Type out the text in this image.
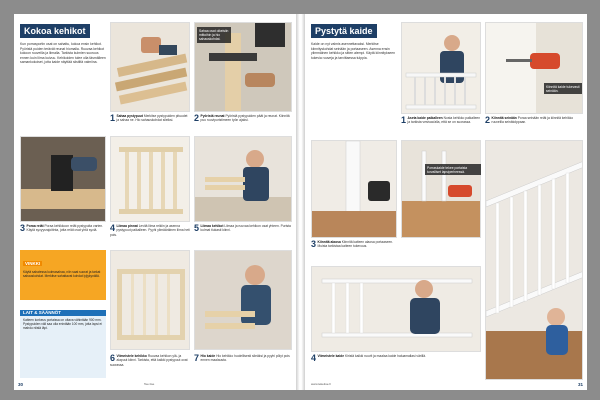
Kokoa kehikot
Kun porrasportin osat on sahattu, kokoa ensin kehikot. Pyöristä puiden terävät reunat hiomalla. Ruuvaa kehikot kokoon ruuveilla ja liimalla. Tarkista kulmien suoruus ennen kuin liima kuivuu. Kehikoiden tulee olla täsmälleen samankokoiset, jotta kaide näyttää siistiltä valmiina.
Sahaa osat oikeisiin mittoihin ja hio sahauskohdat.
1 Sahaa pystypuut Merkitse pystypuiden pituudet ja sahaa ne. Hio sahauskohdat sileiksi.	2 Pyöristä reunat Pyöristä pystypuiden päät ja reunat. Kiinnitä puu ruuvipuristimeen työn ajaksi.
3 Poraa reiät Poraa kehikkoon reiät pystypuita varten. Käytä syvyysrajoitinta, jotta reiät ovat yhtä syviä.	4 Liimaa pinnat Levitä liima reikiin ja asenna pystypuut paikalleen. Pyyhi ylimääräinen liima heti pois.
5 Liimaa kehikot Liimaa ja ruuvaa kehikon osat yhteen. Purista kulmat tiukasti kiinni.
VINKKI
Käytä sahatessa kulmasahaa, niin saat suorat ja tarkat sahauskohdat. Merkitse sahattavat kohdat lyijykynällä.
LAIT & SÄÄNNÖT
Kaiteen korkeus portaissa on oltava vähintään 900 mm. Pystypuiden väli saa olla enintään 100 mm, jotta lapsi ei mahdu niistä läpi.
6 Viimeistele kehikko Ruuvaa kehikon ylä- ja alapuut kiinni. Tarkista, että kaikki pystypuut ovat suorassa.
7 Hio kaide Hio kehikko huolellisesti sileäksi ja pyyhi pölyt pois ennen maalausta.
30	Tee itse
Pystytä kaide
Kaide on nyt valmis asennettavaksi. Merkitse kiinnityskohdat seinään ja portaaseen. Asenna ensin ylimmäinen kehikko ja sitten alempi. Käytä kiinnitykseen tukevia ruuveja ja tarvittaessa tulppia.
Kiinnitä kaide tukevasti seinään.
1 Aseta kaide paikalleen Nosta kehikko paikalleen ja tarkista vesivaa'alla, että se on suorassa.	2 Kiinnitä seinään Poraa seinään reiät ja kiinnitä kehikko ruuveilla seinätolppaan.
Porraskaide tekee portaista turvalliset lapsiperheessä.
3 Kiinnitä alaosa Kiinnitä kaiteen alaosa portaaseen. Muista tarkistaa kaiteen tukevuus.
4 Viimeistele kaide Kiristä kaikki ruuvit ja maalaa kaide haluamallasi värillä.
www.tekeitse.fi	31
